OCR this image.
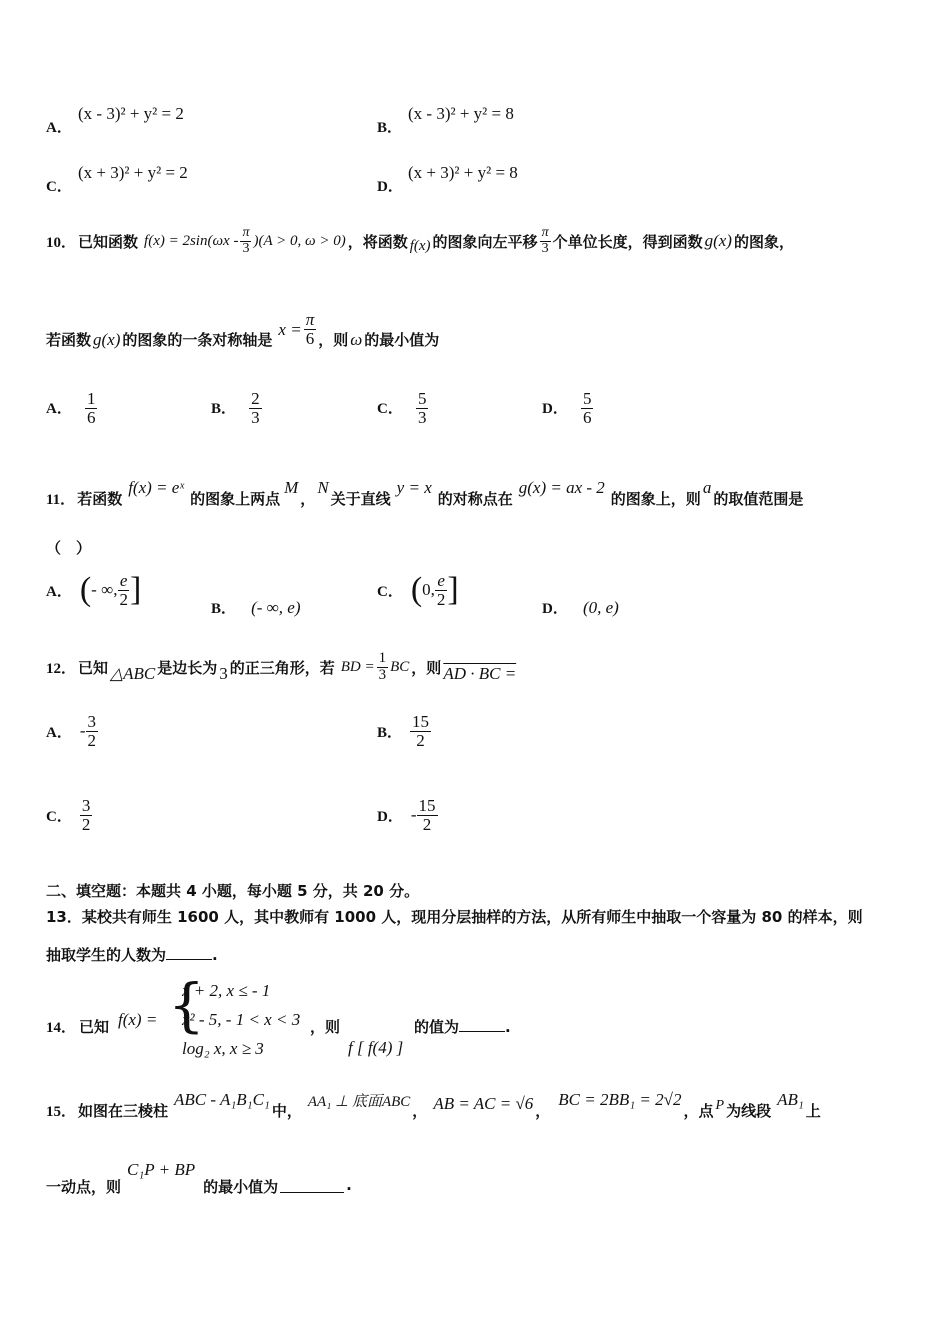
A．
(x - 3)² + y² = 2
B．
(x - 3)² + y² = 8
C．
(x + 3)² + y² = 2
D．
(x + 3)² + y² = 8
10． 已知函数 $f(x) = 2\sin(\omega x - \frac{\pi}{3} )(A > 0$, ω > 0) ，将函数 f(x) 的图象向左平移 $\frac{\pi}{3}$ 个单位长度，得到函数 g(x) 的图象，
若函数 g(x) 的图象的一条对称轴是
$x = \frac{\pi}{6}$ ，则 ω 的最小值为
A． $\frac{1}{6}$	B． $\frac{2}{3}$	C． $\frac{5}{3}$	D． $\frac{5}{6}$
11． 若函数
f(x) = eˣ
的图象上两点
M
，
N
关于直线
y = x
的对称点在
g(x) = ax - 2
的图象上，则
a
的取值范围是
（　）
A． ( - ∞, $\frac{e}{2}$ ]
B． (- ∞, e)
C． ( 0, $\frac{e}{2}$ ]
D． (0, e)
12． 已知 △ABC 是边长为 3 的正三角形，若 BD = $\frac{1}{3}$ BC ，则 AD · BC =
A． - $\frac{3}{2}$	B． $\frac{15}{2}$
C． $\frac{3}{2}$	D． - $\frac{15}{2}$
二、填空题：本题共 4 小题，每小题 5 分，共 20 分。
13．某校共有师生 1600 人，其中教师有 1000 人，现用分层抽样的方法，从所有师生中抽取一个容量为 80 的样本，则
抽取学生的人数为	.
14． 已知 f(x) = {
x + 2, x ≤ - 1
x² - 5, - 1 < x < 3
log₂ x, x ≥ 3
，则
f [ f(4) ]
的值为	.
15． 如图在三棱柱
ABC - A₁B₁C₁
中， AA₁ ⊥ 底面ABC ， AB = AC = √6 ，
BC = 2BB₁ = 2√2
，点 P 为线段
AB₁
上
一动点，则
C₁P + BP
的最小值为	.
